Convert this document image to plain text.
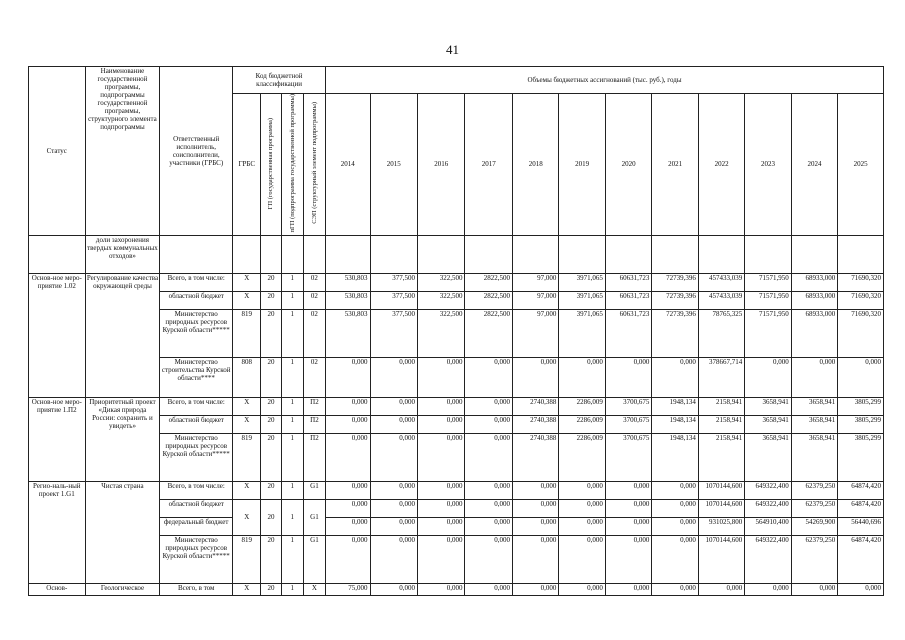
41
Статус	Наименование государственной программы, подпрограммы государственной программы, структурного элемента подпрограммы	Ответственный исполнитель, соисполнители, участники (ГРБС)	Код бюджетной классификации				Объемы бюджетных ассигнований (тыс. руб.), годы											
			ГРБС	ГП (государственная программа)	пГП (подпрограмма государственной программы)	СЭП (структурный элемент подпрограммы)	2014	2015	2016	2017	2018	2019	2020	2021	2022	2023	2024	2025
	доли захоронения твердых коммунальных отходов»																	
Основ-ное меро-приятие 1.02	Регулирование качества окружающей среды	Всего, в том числе:	X	20	1	02	530,803	377,500	322,500	2822,500	97,000	3971,065	60631,723	72739,396	457433,039	71571,950	68933,000	71690,320
		областной бюджет	X	20	1	02	530,803	377,500	322,500	2822,500	97,000	3971,065	60631,723	72739,396	457433,039	71571,950	68933,000	71690,320
		Министерство природных ресурсов Курской области*****	819	20	1	02	530,803	377,500	322,500	2822,500	97,000	3971,065	60631,723	72739,396	78765,325	71571,950	68933,000	71690,320
		Министерство строительства Курской области****	808	20	1	02	0,000	0,000	0,000	0,000	0,000	0,000	0,000	0,000	378667,714	0,000	0,000	0,000
Основ-ное меро-приятие 1.П2	Приоритетный проект «Дикая природа России: сохранить и увидеть»	Всего, в том числе:	X	20	1	П2	0,000	0,000	0,000	0,000	2740,388	2286,009	3700,675	1948,134	2158,941	3658,941	3658,941	3805,299
		областной бюджет	X	20	1	П2	0,000	0,000	0,000	0,000	2740,388	2286,009	3700,675	1948,134	2158,941	3658,941	3658,941	3805,299
		Министерство природных ресурсов Курской области*****	819	20	1	П2	0,000	0,000	0,000	0,000	2740,388	2286,009	3700,675	1948,134	2158,941	3658,941	3658,941	3805,299
Регио-наль-ный проект 1.G1	Чистая страна	Всего, в том числе:	X	20	1	G1	0,000	0,000	0,000	0,000	0,000	0,000	0,000	0,000	1070144,600	649322,400	62379,250	64874,420
		областной бюджет	X	20	1	G1	0,000	0,000	0,000	0,000	0,000	0,000	0,000	0,000	1070144,600	649322,400	62379,250	64874,420
		федеральный бюджет					0,000	0,000	0,000	0,000	0,000	0,000	0,000	0,000	931025,800	564910,400	54269,900	56440,696
		Министерство природных ресурсов Курской области*****	819	20	1	G1	0,000	0,000	0,000	0,000	0,000	0,000	0,000	0,000	1070144,600	649322,400	62379,250	64874,420
Основ-	Геологическое	Всего, в том	X	20	1	X	75,000	0,000	0,000	0,000	0,000	0,000	0,000	0,000	0,000	0,000	0,000	0,000
